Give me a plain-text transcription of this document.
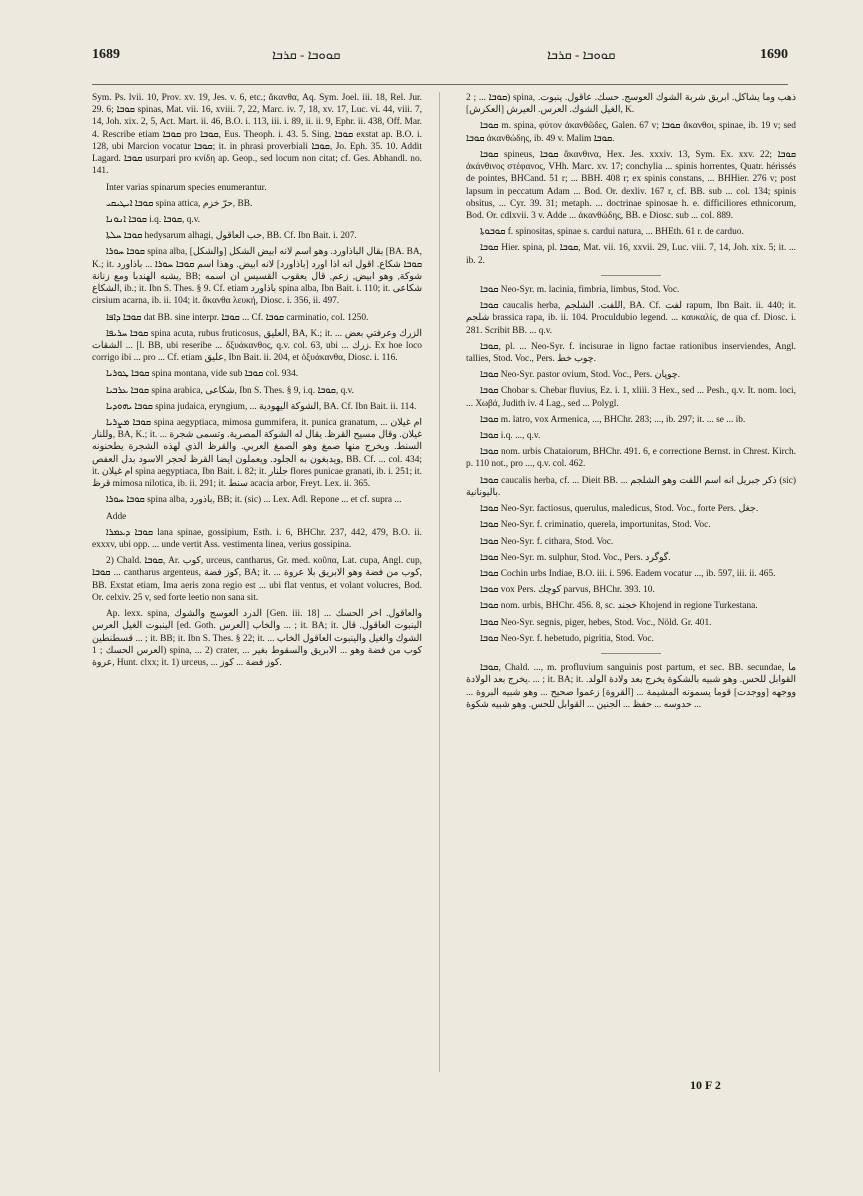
1689	ܩܘܘܒܐ - ܩܪܒܐ	ܩܘܘܒܐ - ܩܪܒܐ	1690

Sym. Ps. lvii. 10, Prov. xv. 19, Jes. v. 6, etc.; ἄκανθα, Aq. Sym. Joel. iii. 18, Rel. Jur. 29. 6; ܩܘܒܐ spinas, Mat. vii. 16, xviii. 7, 22, Marc. iv. 7, 18, xv. 17, Luc. vi. 44, viii. 7, 14, Joh. xix. 2, 5, Act. Mart. ii. 46, B.O. i. 113, iii. i. 89, ii. ii. 9, Ephr. ii. 438, Off. Mar. 4. Rescribe etiam ܩܘܒܐ pro ܩܘܒܐ, Eus. Theoph. i. 43. 5. Sing. ܩܘܒܐ exstat ap. B.O. i. 128, ubi Marcion vocatur ܩܘܒܐ; it. in phrasi proverbiali ܩܘܒܐ, Jo. Eph. 35. 10. Addit Lagard. ܩܘܒܐ usurpari pro κνίδη ap. Geop., sed locum non citat; cf. Ges. Abhandl. no. 141.

Inter varias spinarum species enumerantur.

ܩܘܒܐ ܐܝܛܝܩܝ spina attica, حرّ خزم, BB.

ܩܘܒܐ ܐܢܘܢܐ i.q. ܩܘܒܐ, q.v.

ܩܘܒܐ ܚܠܬܐ hedysarum alhagi, حب العاقول, BB. Cf. Ibn Bait. i. 207.

ܩܘܒܐ ܚܘܪܐ spina alba, بقال الباذاورد. وهو اسم لانه ابيض الشكل [والشكل] [BA. BA, K.; it. ܩܘܒܐ شكاع. اقول انه اذا اورد [باذاورد] لانه ابيض. وهذا اسم ܩܘܒܐ ܚܘܪܐ ... باذاورد يشبه الهندبا ومع زنانة, BB; شوكة, وهو ابيض, زعم, قال يعقوب القسيس ان اسمه الشكاع, ib.; it. Ibn S. Thes. § 9. Cf. etiam باذاورد spina alba, Ibn Bait. i. 110; it. شكاعى cirsium acarna, ib. ii. 104; it. ἄκανθα λευκή, Diosc. i. 356, ii. 497.

ܩܘܒܐ ܕܐܦܐ dat BB. sine interpr. ܩܘܒܐ ... Cf. ܩܘܒܐ carminatio, col. 1250.

ܩܘܒܐ ܚܪܝܦܐ spina acuta, rubus fruticosus, العليق, BA, K.; it. ... الزرك وعرفتي بعض ... الشقات [l. BB, ubi reseribe ... δξυάκανθος, q.v. col. 63, ubi ... زرك. Ex hoe loco corrigo ibi ... pro ... Cf. etiam عليق, Ibn Bait. ii. 204, et ὀξυάκανθα, Diosc. i. 116.

ܩܘܒܐ ܛܘܪܝܐ spina montana, vide sub ܩܘܒܐ col. 934.

ܩܘܒܐ ܥܪܒܝܐ spina arabica, شكاعى, Ibn S. Thes. § 9, i.q. ܩܘܒܐ, q.v.

ܩܘܒܐ ܝܗܘܕܝܐ spina judaica, eryngium, ... الشوكة اليهودية, BA. Cf. Ibn Bait. ii. 114.

ܩܘܒܐ ܡܨܪܝܐ spina aegyptiaca, mimosa gummifera, it. punica granatum, ... ام غيلان وللنار, BA, K.; it. ... غيلان. وقال مسيح القرظ. يقال له الشوكة المصرية. وتسمى شجرة السنط. ويخرج منها صمغ وهو الصمغ العربي. والقرظ الذي لهذه الشجرة يطحنونه ويدبغون به الجلود. ويعملون ايضا القرظ لحجر الاسود بدل العفص, BB. Cf. ... col. 434; it. ام غيلان spina aegyptiaca, Ibn Bait. i. 82; it. جلنار flores punicae granati, ib. i. 251; it. قرظ mimosa nilotica, ib. ii. 291; it. سنط acacia arbor, Freyt. Lex. ii. 365.

ܩܘܒܐ ܚܘܪܐ spina alba, باذورد, BB; it. (sic) ... Lex. Adl. Repone ... et cf. supra ...

Adde

ܩܘܒܐ ܕܥܡܪܐ lana spinae, gossipium, Esth. i. 6, BHChr. 237, 442, 479, B.O. ii. exxxv, ubi opp. ... unde vertit Ass. vestimenta linea, verius gossipina.

2) Chald. ܩܘܒܐ, Ar. كوب, urceus, cantharus, Gr. med. κοῦπα, Lat. cupa, Angl. cup, ܩܘܒܐ ... cantharus argenteus, كوز فضة, BA; it. ... كوب من فضة وهو الابريق بلا عروة, BB. Exstat etiam, Ima aeris zona regio est ... ubi flat ventus, et volant volucres, Bod. Or. celxiv. 25 v, sed forte leetio non sana sit.

Ap. lexx. spina, الدرد العوسج والشوك [Gen. iii. 18] ... والعاقول. اخر الحسك الينبوت الغيل العرس [ed. Goth. العرس] والخاب ... ; it. BA; it. الينبوت العاقول. قال قسطنطين ... ; it. BB; it. Ibn S. Thes. § 22; it. ... الشوك والغيل والينبوت العاقول الخاب العرس الحسك ; 1) spina, ... 2) crater, ... كوب من فضة وهو ... الابريق والسقوط بغير عروة, Hunt. clxx; it. 1) urceus, ... كوز فضة ... كوز.

ܩܘܒܐ ... ; 2) spina, ذهب وما يشاكل. ابريق شربة الشوك العوسج. حسك. عاقول. ينبوت. الغيل الشوك. العرس. العيرش [العكرش], K.

ܩܘܒܐ m. spina, φύτον ἀκανθῶδες, Galen. 67 v; ܩܘܒܐ ἄκανθοι, spinae, ib. 19 v; sed ܩܘܒܐ ἀκανθώδης, ib. 49 v. Malim ܩܘܒܐ.

ܩܘܒܐ spineus, ܩܘܒܐ ἄκανθινα, Hex. Jes. xxxiv. 13, Sym. Ex. xxv. 22; ܩܘܒܐ ἀκάνθινος στέφανος, VHh. Marc. xv. 17; conchylia ... spinis horrentes, Quatr. hérissés de pointes, BHCand. 51 r; ... BBH. 408 r; ex spinis constans, ... BHHier. 276 v; post lapsum in peccatum Adam ... Bod. Or. dexliv. 167 r, cf. BB. sub ... col. 134; spinis obsitus, ... Cyr. 39. 31; metaph. ... doctrinae spinosae h. e. difficiliores ethnicorum, Bod. Or. cdlxvii. 3 v. Adde ... ἀκανθώδης, BB. e Diosc. sub ... col. 889.

ܩܘܒܘܬܐ f. spinositas, spinae s. cardui natura, ... BHEth. 61 r. de carduo.

ܩܘܒܐ Hier. spina, pl. ܩܘܒܐ, Mat. vii. 16, xxvii. 29, Luc. viii. 7, 14, Joh. xix. 5; it. ... ib. 2.

ܩܘܒܐ Neo-Syr. m. lacinia, fimbria, limbus, Stod. Voc.

ܩܘܒܐ caucalis herba, اللفت. الشلجم, BA. Cf. لفت rapum, Ibn Bait. ii. 440; it. شلجم brassica rapa, ib. ii. 104. Proculdubio legend. ... καυκαλίς, de qua cf. Diosc. i. 281. Scribit BB. ... q.v.

ܩܘܒܐ, pl. ... Neo-Syr. f. incisurae in ligno factae rationibus inserviendes, Angl. tallies, Stod. Voc., Pers. چوب خط.

ܩܘܒܐ Neo-Syr. pastor ovium, Stod. Voc., Pers. چوپان.

ܩܘܒܐ Chobar s. Chebar fluvius, Ez. i. 1, xliii. 3 Hex., sed ... Pesh., q.v. It. nom. loci, ... Χωβά, Judith iv. 4 Lag., sed ... Polygl.

ܩܘܒܐ m. latro, vox Armenica, ..., BHChr. 283; ..., ib. 297; it. ... se ... ib.

ܩܘܒܐ i.q. ..., q.v.

ܩܘܒܐ nom. urbis Chataiorum, BHChr. 491. 6, e correctione Bernst. in Chrest. Kirch. p. 110 not., pro ..., q.v. col. 462.

ܩܘܒܐ caucalis herba, cf. ... Dieit BB. ... ذكر جبريل انه اسم اللفت وهو الشلجم (sic) باليونانية.

ܩܘܒܐ Neo-Syr. factiosus, querulus, maledicus, Stod. Voc., forte Pers. جغل.

ܩܘܒܐ Neo-Syr. f. criminatio, querela, importunitas, Stod. Voc.

ܩܘܒܐ Neo-Syr. f. cithara, Stod. Voc.

ܩܘܒܐ Neo-Syr. m. sulphur, Stod. Voc., Pers. گوگرد.

ܩܘܒܐ Cochin urbs Indiae, B.O. iii. i. 596. Eadem vocatur ..., ib. 597, iii. ii. 465.

ܩܘܒܐ vox Pers. كوچك parvus, BHChr. 393. 10.

ܩܘܒܐ nom. urbis, BHChr. 456. 8, sc. خجند Khojend in regione Turkestana.

ܩܘܒܐ Neo-Syr. segnis, piger, hebes, Stod. Voc., Nöld. Gr. 401.

ܩܘܒܐ Neo-Syr. f. hebetudo, pigritia, Stod. Voc.

ܩܘܒܐ, Chald. ..., m. profluvium sanguinis post partum, et sec. BB. secundae, ما يخرج بعد الولادة. ... ; it. BA; it. القوابل للحس. وهو شبيه بالشكوة يخرج بعد ولادة الولد. ووجهه [ووجدت] قوما يسمونه المشيمة ... [القروة] زعموا صحيح ... وهو شبيه البروة ... حدوسه ... حفظ ... الجنين ... القوابل للحس. وهو شبيه شكوة ...

10 F 2
